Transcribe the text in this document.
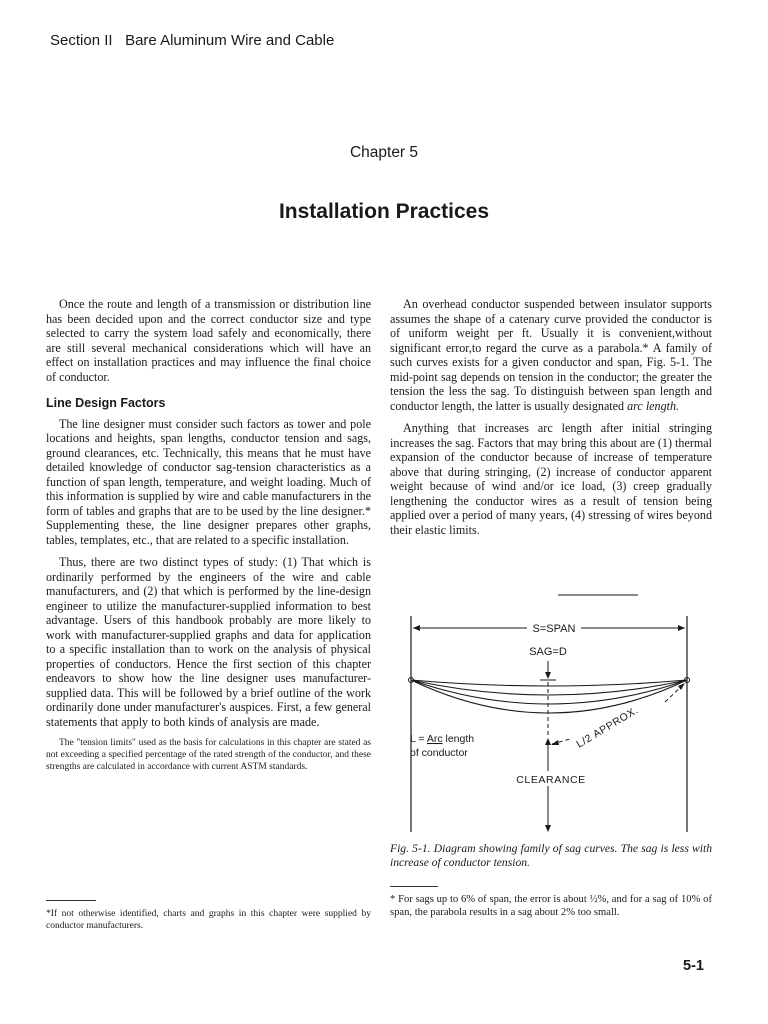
Section II Bare Aluminum Wire and Cable
Chapter 5
Installation Practices

Once the route and length of a transmission or distribution line has been decided upon and the correct conductor size and type selected to carry the system load safely and economically, there are still several mechanical considerations which will have an effect on installation practices and may influence the final choice of conductor.

Line Design Factors

The line designer must consider such factors as tower and pole locations and heights, span lengths, conductor tension and sags, ground clearances, etc. Technically, this means that he must have detailed knowledge of conductor sag-tension characteristics as a function of span length, temperature, and weight loading. Much of this information is supplied by wire and cable manufacturers in the form of tables and graphs that are to be used by the line designer.* Supplementing these, the line designer prepares other graphs, tables, templates, etc., that are related to a specific installation.

Thus, there are two distinct types of study: (1) That which is ordinarily performed by the engineers of the wire and cable manufacturers, and (2) that which is performed by the line-design engineer to utilize the manufacturer-supplied information to best advantage. Users of this handbook probably are more likely to work with manufacturer-supplied graphs and data for application to a specific installation than to work on the analysis of physical properties of conductors. Hence the first section of this chapter endeavors to show how the line designer uses manufacturer-supplied data. This will be followed by a brief outline of the work ordinarily done under manufacturer's auspices. First, a few general statements that apply to both kinds of analysis are made.

The "tension limits" used as the basis for calculations in this chapter are stated as not exceeding a specified percentage of the rated strength of the conductor, and these strengths are calculated in accordance with current ASTM standards.

An overhead conductor suspended between insulator supports assumes the shape of a catenary curve provided the conductor is of uniform weight per ft. Usually it is convenient,without significant error,to regard the curve as a parabola.* A family of such curves exists for a given conductor and span, Fig. 5-1. The mid-point sag depends on tension in the conductor; the greater the tension the less the sag. To distinguish between span length and conductor length, the latter is usually designated arc length.

Anything that increases arc length after initial stringing increases the sag. Factors that may bring this about are (1) thermal expansion of the conductor because of increase of temperature above that during stringing, (2) increase of conductor apparent weight because of wind and/or ice load, (3) creep gradually lengthening the conductor wires as a result of tension being applied over a period of many years, (4) stressing of wires beyond their elastic limits.

S=SPAN
SAG=D
CLEARANCE
L = Arc length
of conductor
L/2 APPROX.
Fig. 5-1. Diagram showing family of sag curves. The sag is less with increase of conductor tension.
*If not otherwise identified, charts and graphs in this chapter were supplied by conductor manufacturers.
* For sags up to 6% of span, the error is about ½%, and for a sag of 10% of span, the parabola results in a sag about 2% too small.
5-1
